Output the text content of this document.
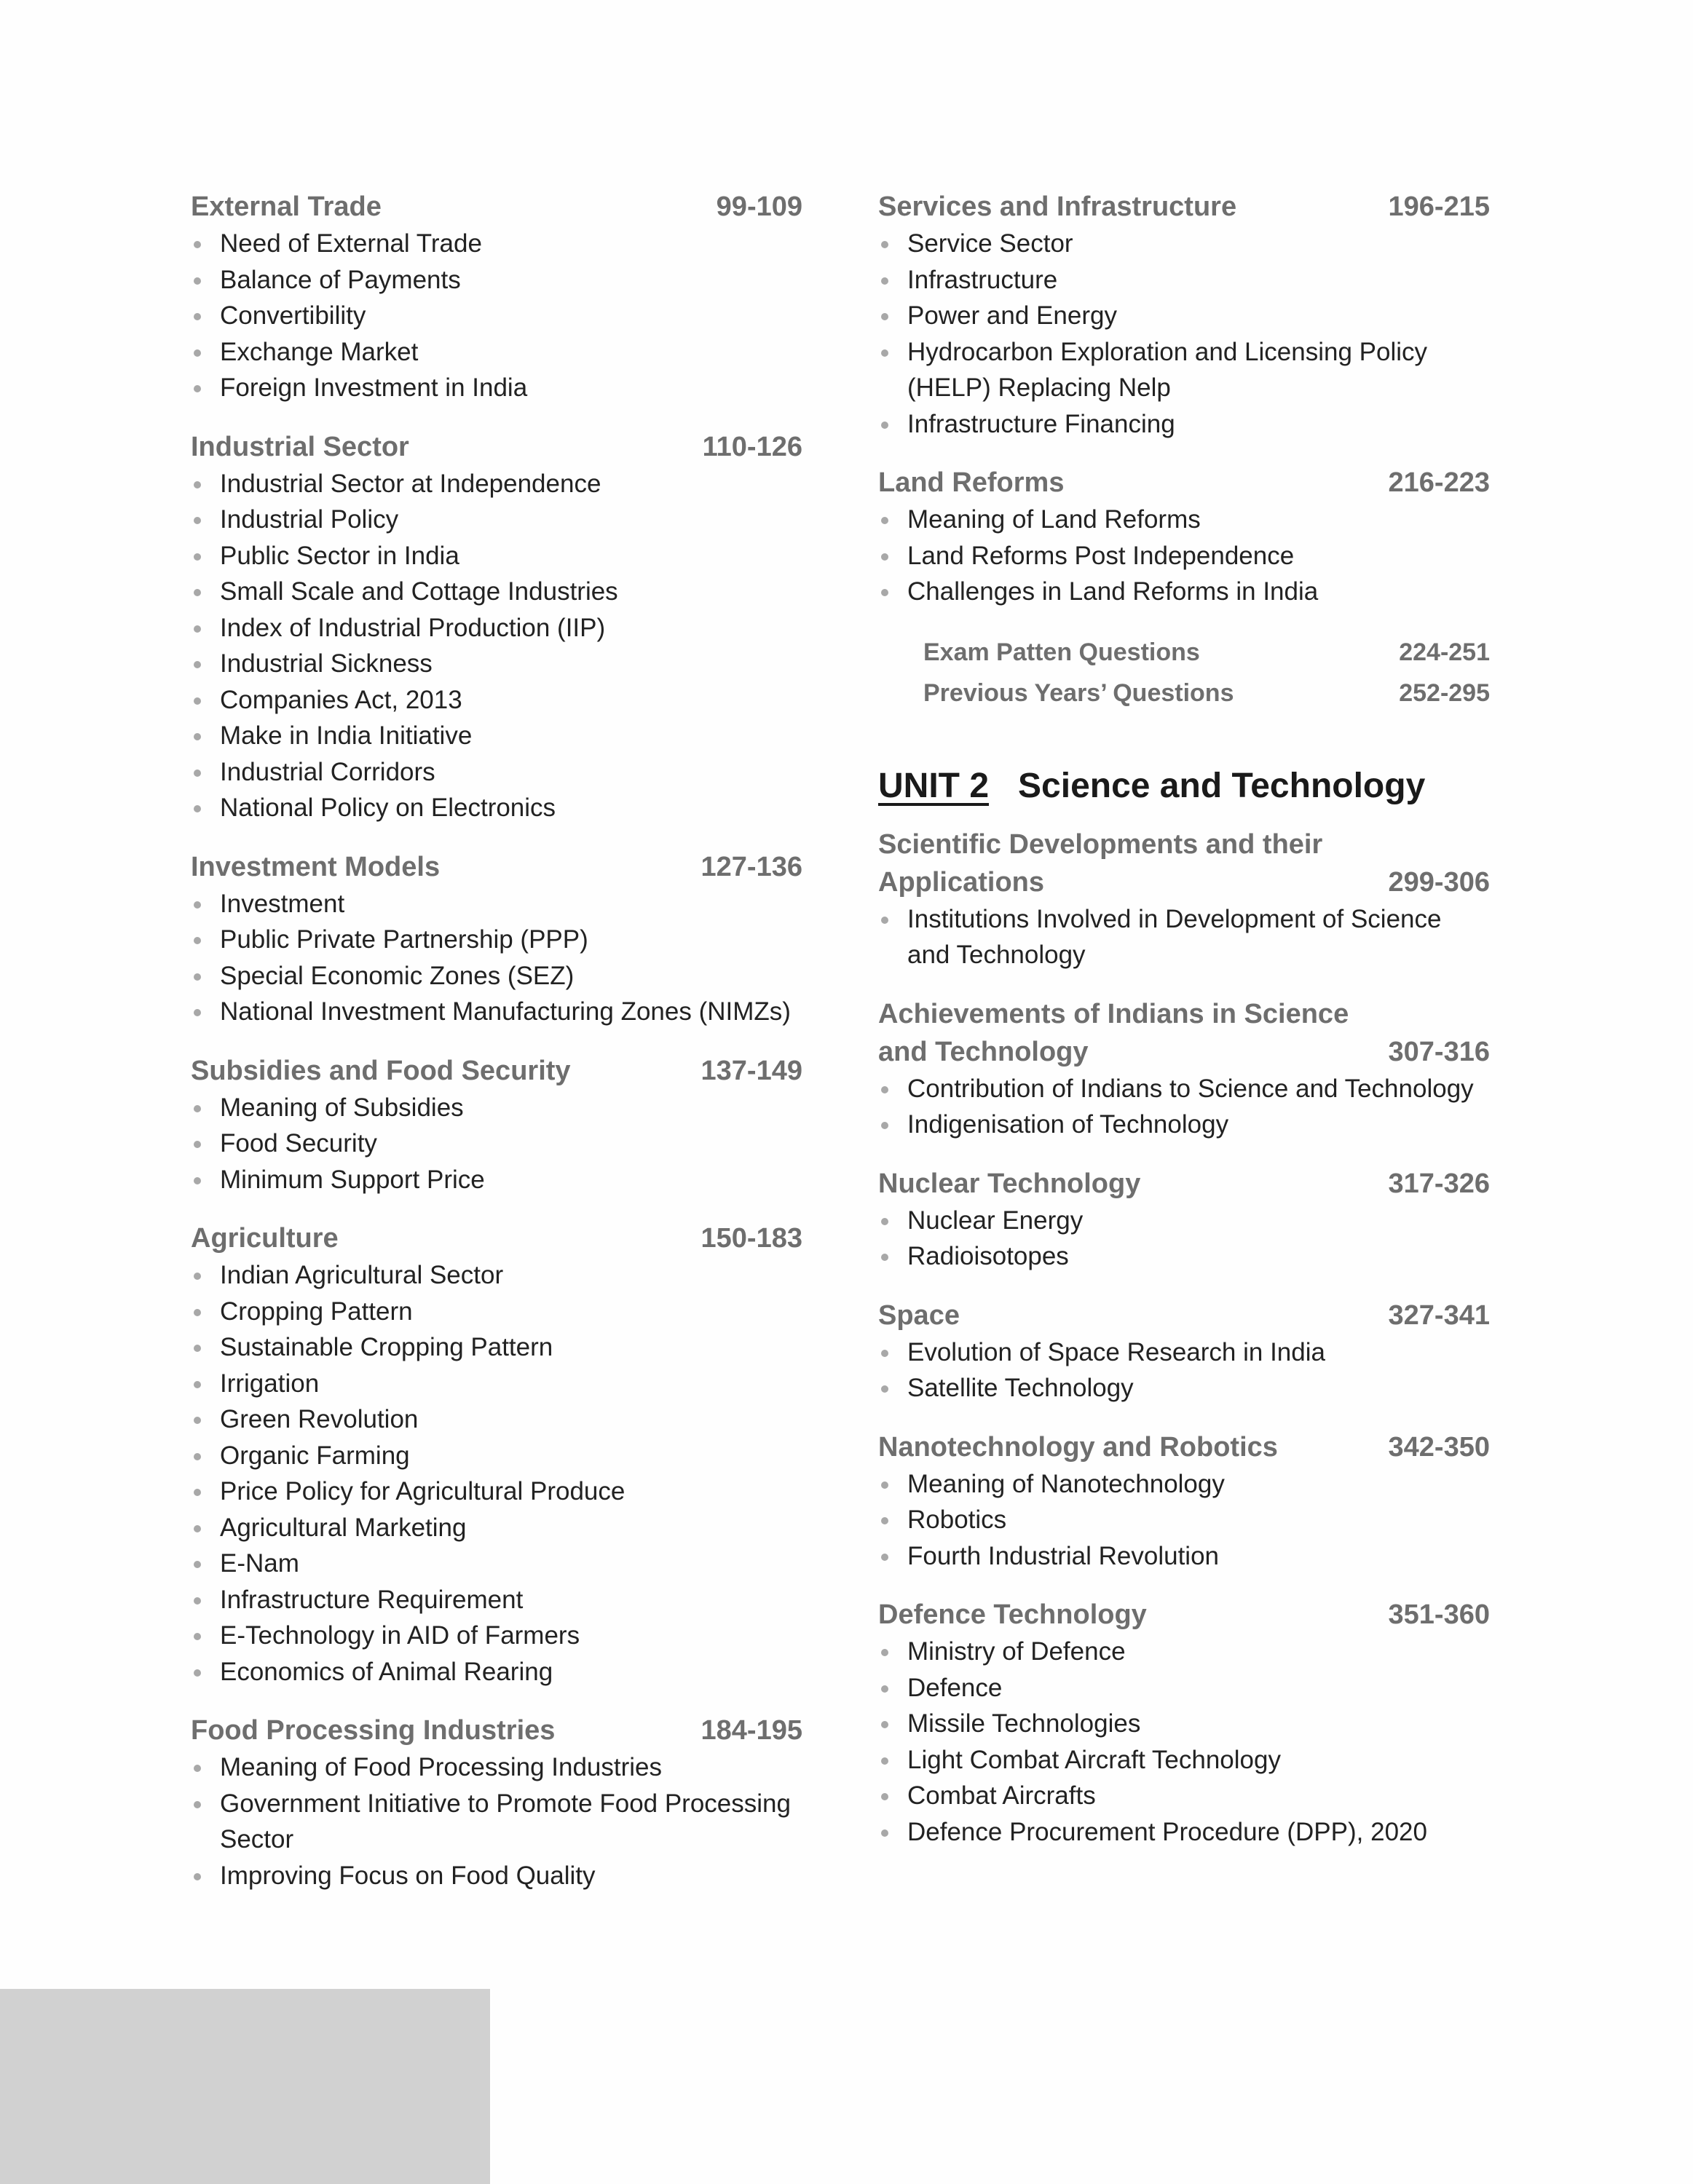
External Trade	99-109
Need of External Trade
Balance of Payments
Convertibility
Exchange Market
Foreign Investment in India
Industrial Sector	110-126
Industrial Sector at Independence
Industrial Policy
Public Sector in India
Small Scale and Cottage Industries
Index of Industrial Production (IIP)
Industrial Sickness
Companies Act, 2013
Make in India Initiative
Industrial Corridors
National Policy on Electronics
Investment Models	127-136
Investment
Public Private Partnership (PPP)
Special Economic Zones (SEZ)
National Investment Manufacturing Zones (NIMZs)
Subsidies and Food Security	137-149
Meaning of Subsidies
Food Security
Minimum Support Price
Agriculture	150-183
Indian Agricultural Sector
Cropping Pattern
Sustainable Cropping Pattern
Irrigation
Green Revolution
Organic Farming
Price Policy for Agricultural Produce
Agricultural Marketing
E-Nam
Infrastructure Requirement
E-Technology in AID of Farmers
Economics of Animal Rearing
Food Processing Industries	184-195
Meaning of Food Processing Industries
Government Initiative to Promote Food Processing Sector
Improving Focus on Food Quality
Services and Infrastructure	196-215
Service Sector
Infrastructure
Power and Energy
Hydrocarbon Exploration and Licensing Policy (HELP) Replacing Nelp
Infrastructure Financing
Land Reforms	216-223
Meaning of Land Reforms
Land Reforms Post Independence
Challenges in Land Reforms in India
Exam Patten Questions	224-251
Previous Years’ Questions	252-295
UNIT 2 Science and Technology
Scientific Developments and their Applications	299-306
Institutions Involved in Development of Science and Technology
Achievements of Indians in Science and Technology	307-316
Contribution of Indians to Science and Technology
Indigenisation of Technology
Nuclear Technology	317-326
Nuclear Energy
Radioisotopes
Space	327-341
Evolution of Space Research in India
Satellite Technology
Nanotechnology and Robotics	342-350
Meaning of Nanotechnology
Robotics
Fourth Industrial Revolution
Defence Technology	351-360
Ministry of Defence
Defence
Missile Technologies
Light Combat Aircraft Technology
Combat Aircrafts
Defence Procurement Procedure (DPP), 2020
